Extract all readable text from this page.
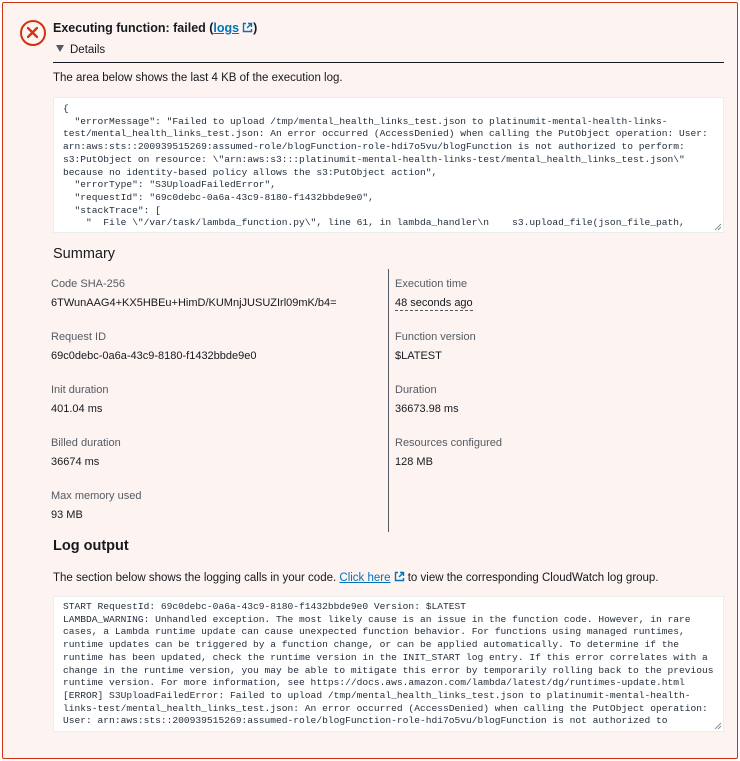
Executing function: failed (logs )
Details
The area below shows the last 4 KB of the execution log.
{
"errorMessage": "Failed to upload /tmp/mental_health_links_test.json to platinumit-mental-health-links-
test/mental_health_links_test.json: An error occurred (AccessDenied) when calling the PutObject operation: User:
arn:aws:sts::200939515269:assumed-role/blogFunction-role-hdi7o5vu/blogFunction is not authorized to perform:
s3:PutObject on resource: \"arn:aws:s3:::platinumit-mental-health-links-test/mental_health_links_test.json\"
because no identity-based policy allows the s3:PutObject action",
"errorType": "S3UploadFailedError",
"requestId": "69c0debc-0a6a-43c9-8180-f1432bbde9e0",
"stackTrace": [
"  File \"/var/task/lambda_function.py\", line 61, in lambda_handler\n    s3.upload_file(json_file_path,
Summary
Code SHA-256
6TWunAAG4+KX5HBEu+HimD/KUMnjJUSUZIrl09mK/b4=
Request ID
69c0debc-0a6a-43c9-8180-f1432bbde9e0
Init duration
401.04 ms
Billed duration
36674 ms
Max memory used
93 MB
Execution time
48 seconds ago
Function version
$LATEST
Duration
36673.98 ms
Resources configured
128 MB
Log output
The section below shows the logging calls in your code. Click here to view the corresponding CloudWatch log group.
START RequestId: 69c0debc-0a6a-43c9-8180-f1432bbde9e0 Version: $LATEST
LAMBDA_WARNING: Unhandled exception. The most likely cause is an issue in the function code. However, in rare
cases, a Lambda runtime update can cause unexpected function behavior. For functions using managed runtimes,
runtime updates can be triggered by a function change, or can be applied automatically. To determine if the
runtime has been updated, check the runtime version in the INIT_START log entry. If this error correlates with a
change in the runtime version, you may be able to mitigate this error by temporarily rolling back to the previous
runtime version. For more information, see https://docs.aws.amazon.com/lambda/latest/dg/runtimes-update.html
[ERROR] S3UploadFailedError: Failed to upload /tmp/mental_health_links_test.json to platinumit-mental-health-
links-test/mental_health_links_test.json: An error occurred (AccessDenied) when calling the PutObject operation:
User: arn:aws:sts::200939515269:assumed-role/blogFunction-role-hdi7o5vu/blogFunction is not authorized to
